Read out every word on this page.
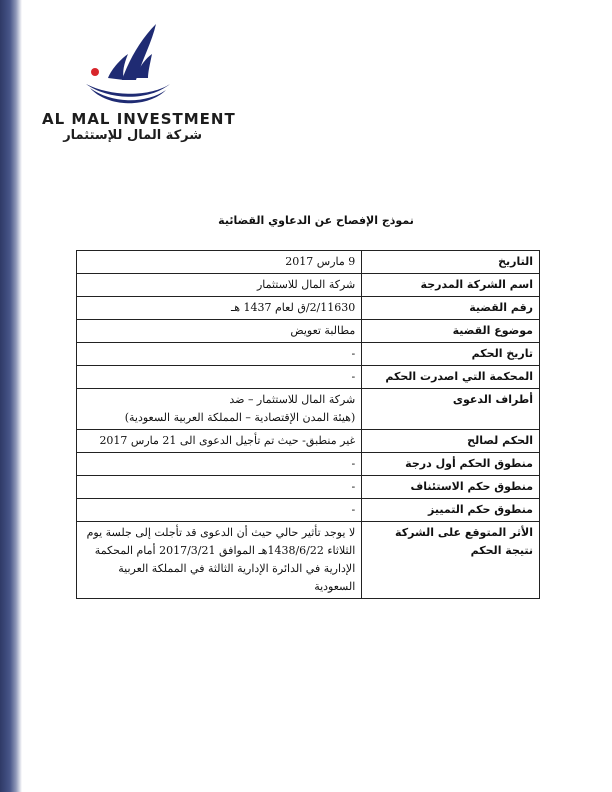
AL MAL INVESTMENT
شركة المال للإستثمار
نموذج الإفصاح عن الدعاوي القضائية
التاريخ	9 مارس 2017

اسم الشركة المدرجة	شركة المال للاستثمار

رقم القضية	2/11630/ق لعام 1437 هـ

موضوع القضية	مطالبة تعويض

تاريخ الحكم	-

المحكمة التي اصدرت الحكم	-

أطراف الدعوى	شركة المال للاستثمار – ضد
(هيئة المدن الإقتصادية – المملكة العربية السعودية)

الحكم لصالح	غير منطبق- حيث تم تأجيل الدعوى الى 21 مارس 2017

منطوق الحكم أول درجة	-

منطوق حكم الاستئناف	-

منطوق حكم التمييز	-

الأثر المتوقع على الشركة نتيجة الحكم	لا يوجد تأثير حالي حيث أن الدعوى قد تأجلت إلى جلسة يوم
الثلاثاء 1438/6/22هـ الموافق 2017/3/21 أمام المحكمة
الإدارية في الدائرة الإدارية الثالثة في المملكة العربية السعودية
